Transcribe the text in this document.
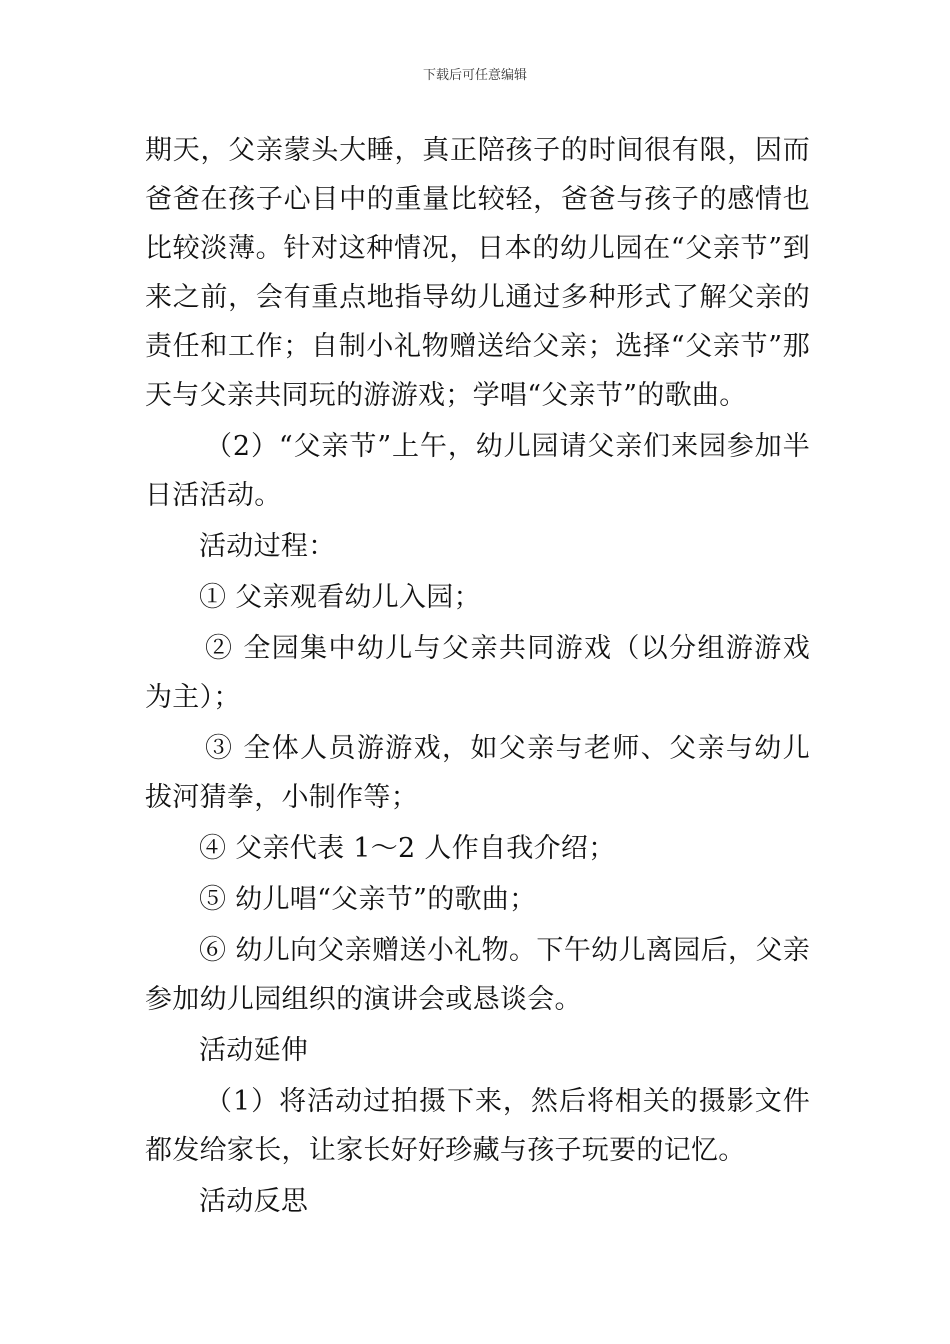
下载后可任意编辑

期天，父亲蒙头大睡，真正陪孩子的时间很有限，因而爸爸在孩子心目中的重量比较轻，爸爸与孩子的感情也比较淡薄。针对这种情况，日本的幼儿园在“父亲节”到来之前，会有重点地指导幼儿通过多种形式了解父亲的责任和工作；自制小礼物赠送给父亲；选择“父亲节”那天与父亲共同玩的游游戏；学唱“父亲节”的歌曲。

（2）“父亲节”上午，幼儿园请父亲们来园参加半日活活动。

活动过程：

① 父亲观看幼儿入园；

② 全园集中幼儿与父亲共同游戏（以分组游游戏为主）；

③ 全体人员游游戏，如父亲与老师、父亲与幼儿拔河猜拳，小制作等；

④ 父亲代表 1～2 人作自我介绍；

⑤ 幼儿唱“父亲节”的歌曲；

⑥ 幼儿向父亲赠送小礼物。下午幼儿离园后，父亲参加幼儿园组织的演讲会或恳谈会。

活动延伸

（1）将活动过拍摄下来，然后将相关的摄影文件都发给家长，让家长好好珍藏与孩子玩要的记忆。

活动反思
